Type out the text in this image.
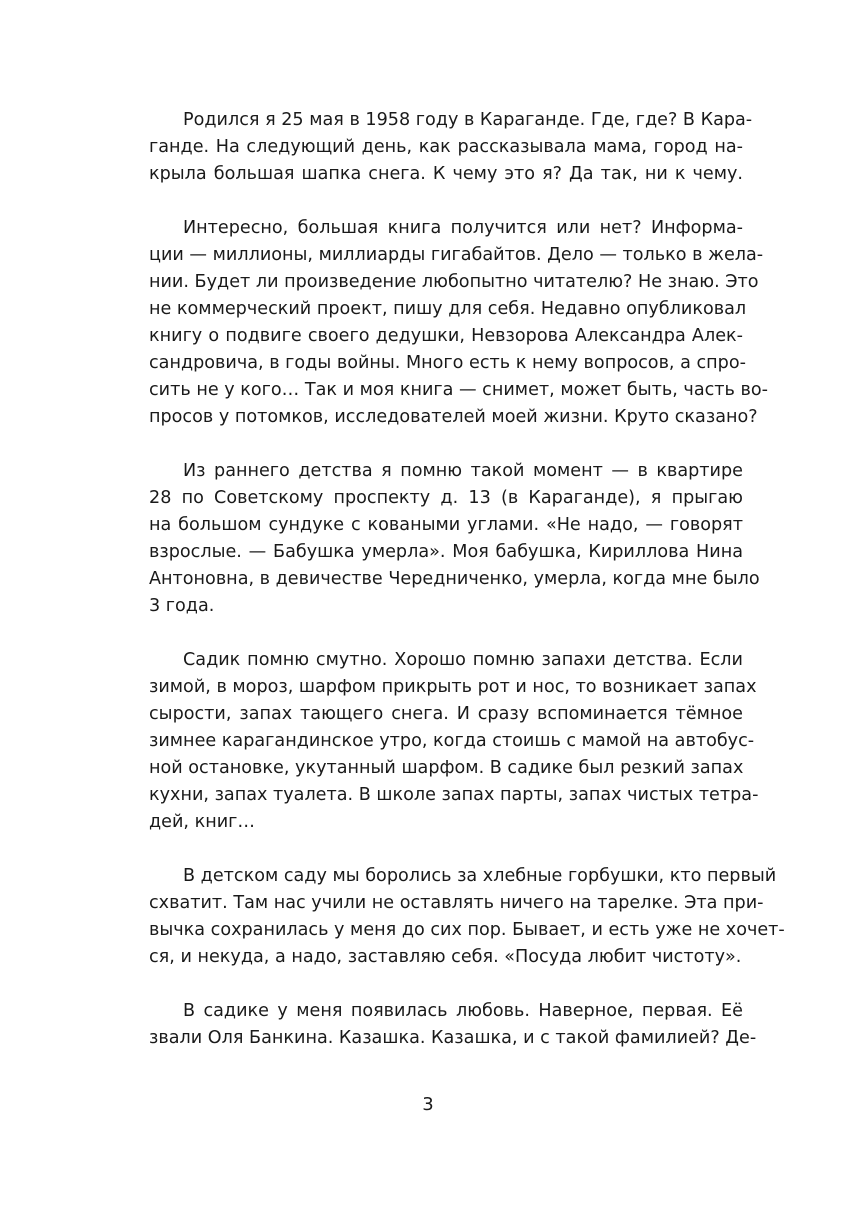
Родился я 25 мая в 1958 году в Караганде. Где, где? В Кара-
ганде. На следующий день, как рассказывала мама, город на-
крыла большая шапка снега. К чему это я? Да так, ни к чему.
Интересно, большая книга получится или нет? Информа-
ции — миллионы, миллиарды гигабайтов. Дело — только в жела-
нии. Будет ли произведение любопытно читателю? Не знаю. Это
не коммерческий проект, пишу для себя. Недавно опубликовал
книгу о подвиге своего дедушки, Невзорова Александра Алек-
сандровича, в годы войны. Много есть к нему вопросов, а спро-
сить не у кого… Так и моя книга — снимет, может быть, часть во-
просов у потомков, исследователей моей жизни. Круто сказано?
Из раннего детства я помню такой момент — в квартире
28 по Советскому проспекту д. 13 (в Караганде), я прыгаю
на большом сундуке с коваными углами. «Не надо, — говорят
взрослые. — Бабушка умерла». Моя бабушка, Кириллова Нина
Антоновна, в девичестве Чередниченко, умерла, когда мне было
3 года.
Садик помню смутно. Хорошо помню запахи детства. Если
зимой, в мороз, шарфом прикрыть рот и нос, то возникает запах
сырости, запах тающего снега. И сразу вспоминается тёмное
зимнее карагандинское утро, когда стоишь с мамой на автобус-
ной остановке, укутанный шарфом. В садике был резкий запах
кухни, запах туалета. В школе запах парты, запах чистых тетра-
дей, книг…
В детском саду мы боролись за хлебные горбушки, кто первый
схватит. Там нас учили не оставлять ничего на тарелке. Эта при-
вычка сохранилась у меня до сих пор. Бывает, и есть уже не хочет-
ся, и некуда, а надо, заставляю себя. «Посуда любит чистоту».
В садике у меня появилась любовь. Наверное, первая. Её
звали Оля Банкина. Казашка. Казашка, и с такой фамилией? Де-
3
